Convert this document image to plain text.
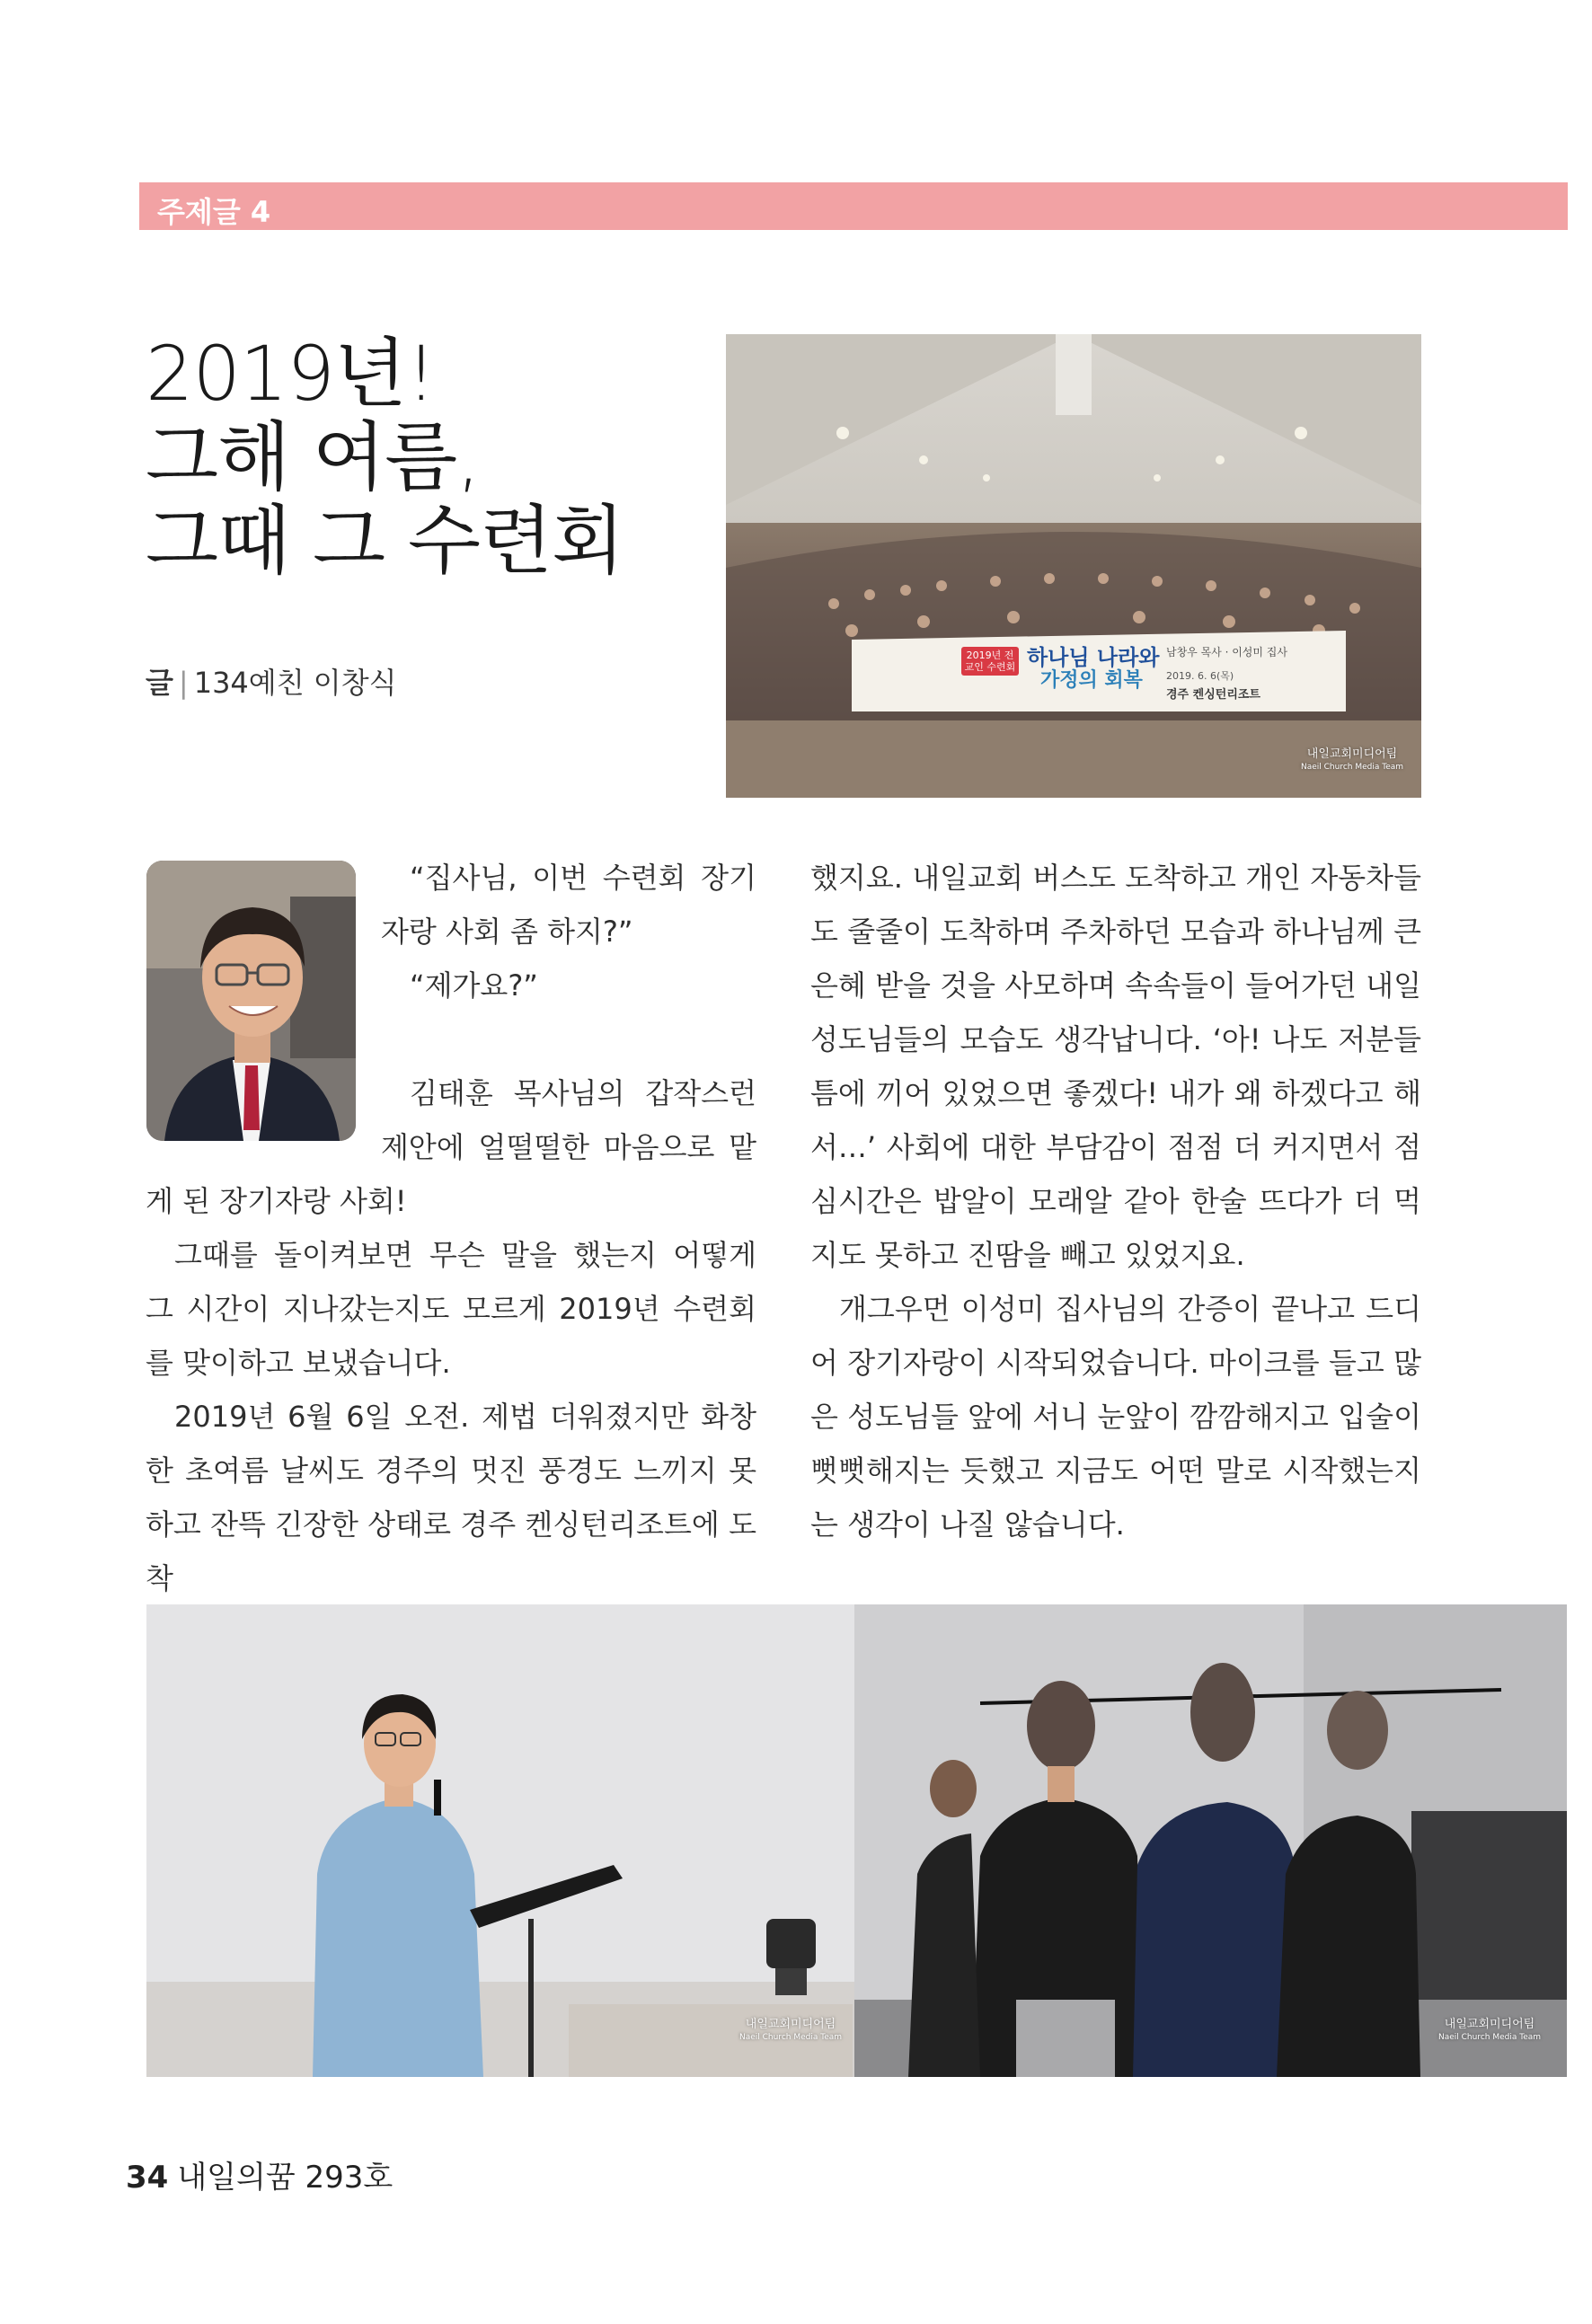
주제글 4
2019년!
그해 여름,
그때 그 수련회
글 | 134예친 이창식
2019년 전교인 수련회 하나님 나라와
가정의 회복
남창우 목사 · 이성미 집사
2019. 6. 6(목)
경주 켄싱턴리조트
내일교회미디어팀
Naeil Church Media Team

“집사님, 이번 수련회 장기자랑 사회 좀 하지?”

“제가요?”

김태훈 목사님의 갑작스런 제안에 얼떨떨한 마음으로 맡게 된 장기자랑 사회!

그때를 돌이켜보면 무슨 말을 했는지 어떻게 그 시간이 지나갔는지도 모르게 2019년 수련회를 맞이하고 보냈습니다.

2019년 6월 6일 오전. 제법 더워졌지만 화창한 초여름 날씨도 경주의 멋진 풍경도 느끼지 못하고 잔뜩 긴장한 상태로 경주 켄싱턴리조트에 도착

했지요. 내일교회 버스도 도착하고 개인 자동차들도 줄줄이 도착하며 주차하던 모습과 하나님께 큰 은혜 받을 것을 사모하며 속속들이 들어가던 내일 성도님들의 모습도 생각납니다. ‘아! 나도 저분들 틈에 끼어 있었으면 좋겠다! 내가 왜 하겠다고 해서…’ 사회에 대한 부담감이 점점 더 커지면서 점심시간은 밥알이 모래알 같아 한술 뜨다가 더 먹지도 못하고 진땀을 빼고 있었지요.

개그우먼 이성미 집사님의 간증이 끝나고 드디어 장기자랑이 시작되었습니다. 마이크를 들고 많은 성도님들 앞에 서니 눈앞이 깜깜해지고 입술이 뻣뻣해지는 듯했고 지금도 어떤 말로 시작했는지는 생각이 나질 않습니다.

내일교회미디어팀
Naeil Church Media Team
내일교회미디어팀
Naeil Church Media Team
34 내일의꿈 293호
